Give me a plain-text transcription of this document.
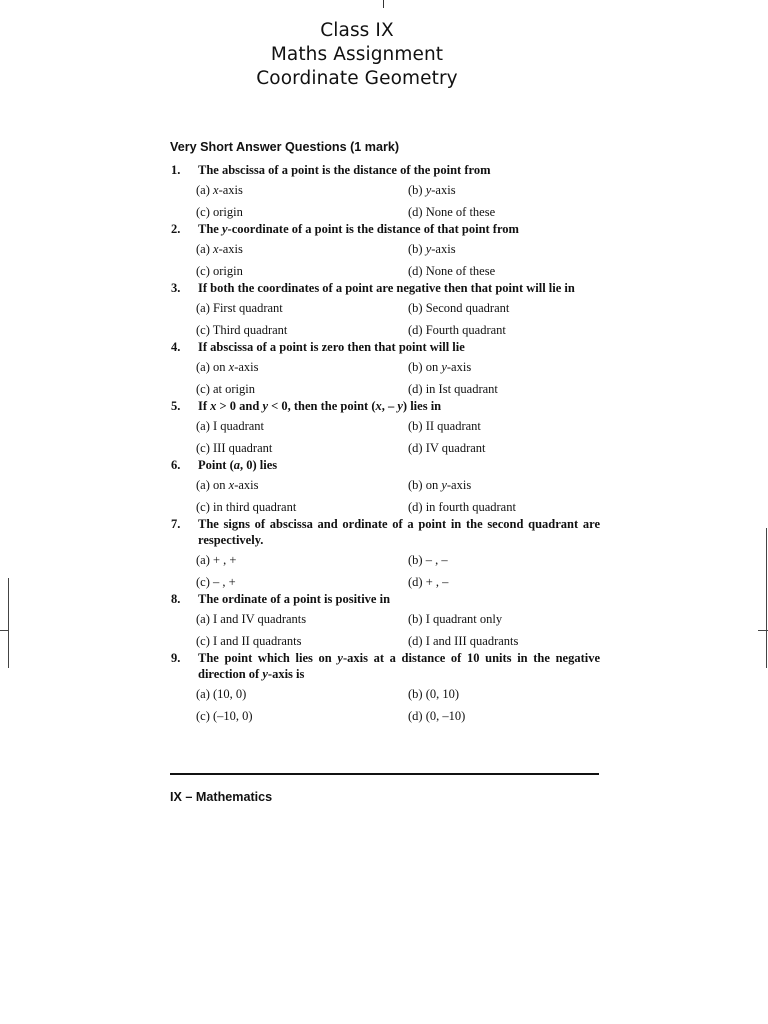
Class IX
Maths Assignment
Coordinate Geometry
Very Short Answer Questions (1 mark)
1. The abscissa of a point is the distance of the point from
(a) x-axis	(b) y-axis
(c) origin	(d) None of these
2. The y-coordinate of a point is the distance of that point from
(a) x-axis	(b) y-axis
(c) origin	(d) None of these
3. If both the coordinates of a point are negative then that point will lie in
(a) First quadrant	(b) Second quadrant
(c) Third quadrant	(d) Fourth quadrant
4. If abscissa of a point is zero then that point will lie
(a) on x-axis	(b) on y-axis
(c) at origin	(d) in Ist quadrant
5. If x > 0 and y < 0, then the point (x, – y) lies in
(a) I quadrant	(b) II quadrant
(c) III quadrant	(d) IV quadrant
6. Point (a, 0) lies
(a) on x-axis	(b) on y-axis
(c) in third quadrant	(d) in fourth quadrant
7. The signs of abscissa and ordinate of a point in the second quadrant are respectively.
(a) + , +	(b) – , –
(c) – , +	(d) + , –
8. The ordinate of a point is positive in
(a) I and IV quadrants	(b) I quadrant only
(c) I and II quadrants	(d) I and III quadrants
9. The point which lies on y-axis at a distance of 10 units in the negative direction of y-axis is
(a) (10, 0)	(b) (0, 10)
(c) (–10, 0)	(d) (0, –10)
IX – Mathematics
